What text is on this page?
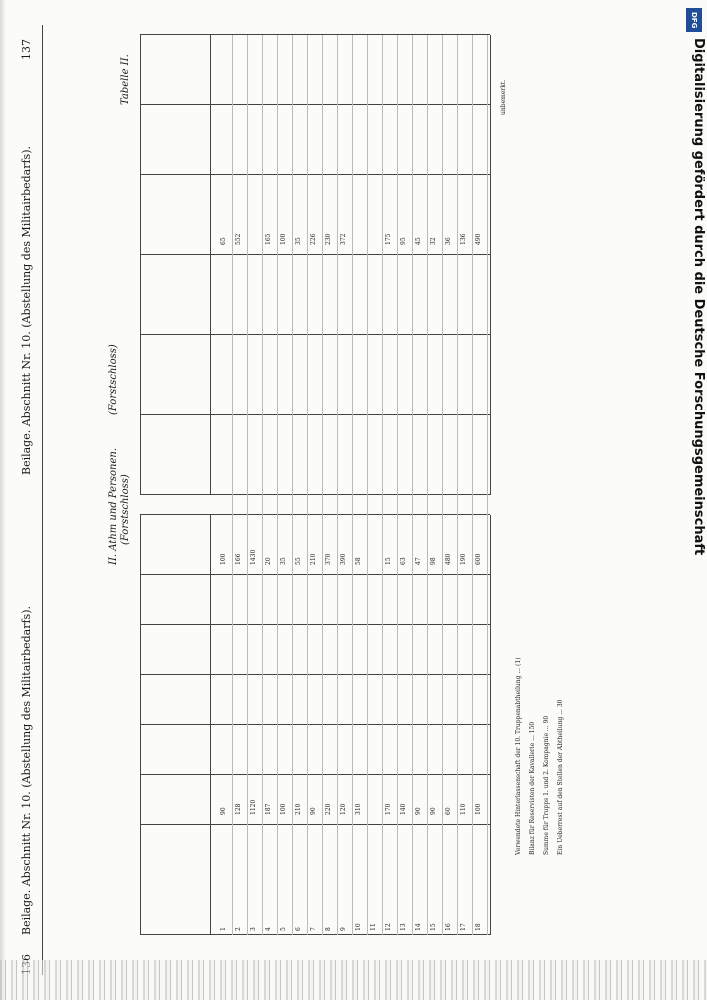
Beilage. Abschnitt Nr. 10. (Abstellung des Militairbedarfs).
Beilage. Abschnitt Nr. 10. (Abstellung des Militairbedarfs).
137
II. Athm und Personen. (Forstschloss)
(Forstschloss)
Tabelle II.
1
90
100
65
2
128
166
552
3
1120
1430
4
187
20
165
5
100
35
100
6
210
55
35
7
90
210
226
8
220
370
230
9
120
390
372
10
310
58
11 12
170
15
175
13
140
63
95
14
90
47
45
15
90
98
32
16
60
480
36
17
110
190
136
18
100
600
490
Verwendete Hinterlassenschaft der 10. Truppenabtheilung ... (1) Bilanz für Reservisten der Kavallerie ... 150 Summe für Trupps 1. und 2. Kompagnie ... 90 Ein Ueberrest auf den Stellen der Abtheilung ... 30
unbemerkt.
DFG
Digitalisierung gefördert durch die Deutsche Forschungsgemeinschaft
